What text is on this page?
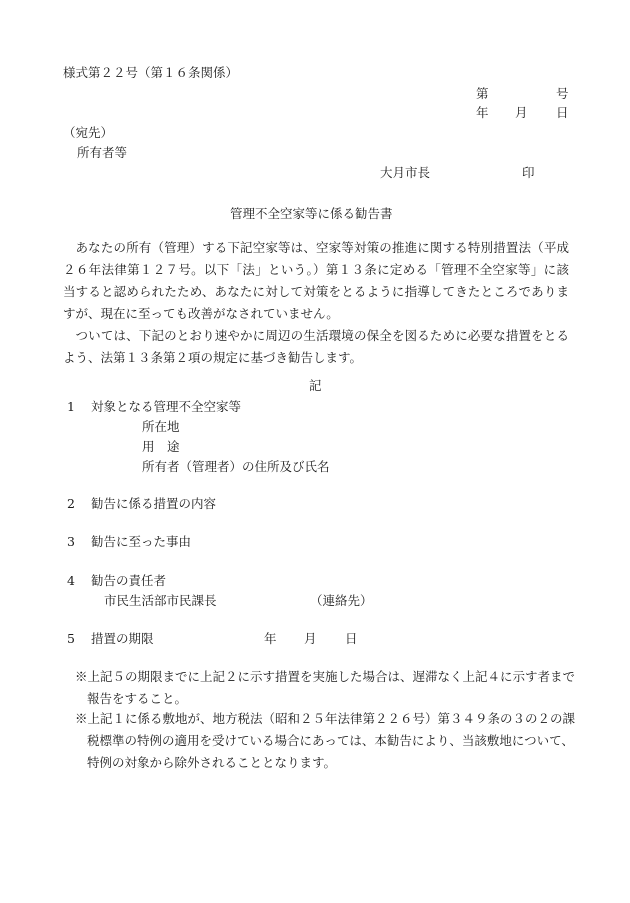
様式第２２号（第１６条関係）
第	号
年 月 日
（宛先）
所有者等
大月市長	印
管理不全空家等に係る勧告書

あなたの所有（管理）する下記空家等は、空家等対策の推進に関する特別措置法（平成２６年法律第１２７号。以下「法」という。）第１３条に定める「管理不全空家等」に該当すると認められたため、あなたに対して対策をとるように指導してきたところでありますが、現在に至っても改善がなされていません。

ついては、下記のとおり速やかに周辺の生活環境の保全を図るために必要な措置をとるよう、法第１３条第２項の規定に基づき勧告します。

記
1 対象となる管理不全空家等
所在地
用　途
所有者（管理者）の住所及び氏名
2 勧告に係る措置の内容
3 勧告に至った事由
4 勧告の責任者
市民生活部市民課長	（連絡先）
5 措置の期限	年 月 日
※上記５の期限までに上記２に示す措置を実施した場合は、遅滞なく上記４に示す者まで報告をすること。
※上記１に係る敷地が、地方税法（昭和２５年法律第２２６号）第３４９条の３の２の課税標準の特例の適用を受けている場合にあっては、本勧告により、当該敷地について、特例の対象から除外されることとなります。
